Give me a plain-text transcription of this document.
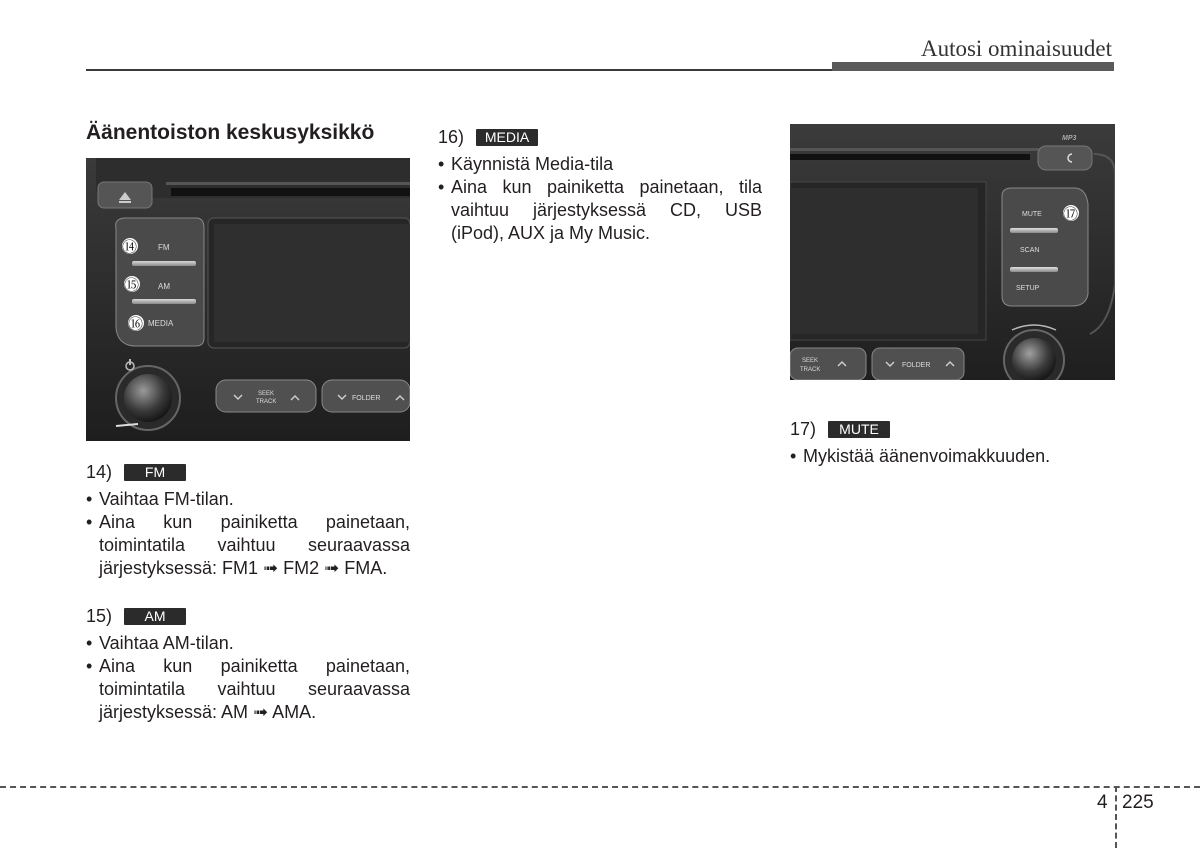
Autosi ominaisuudet
Äänentoiston keskusyksikkö
FM
AM
MEDIA
⑭
⑮
⑯
SEEK
TRACK	FOLDER
14)	FM
• Vaihtaa FM-tilan.
• Aina kun painiketta painetaan, toimintatila vaihtuu seuraavassa järjestyksessä: FM1 ➟ FM2 ➟ FMA.
15)	AM
• Vaihtaa AM-tilan.
• Aina kun painiketta painetaan, toimintatila vaihtuu seuraavassa järjestyksessä: AM ➟ AMA.
16)	MEDIA
• Käynnistä Media-tila
• Aina kun painiketta painetaan, tila vaihtuu järjestyksessä CD, USB (iPod), AUX ja My Music.
MP3
MUTE
SCAN
SETUP
⑰
SEEK
TRACK
FOLDER
17)	MUTE
• Mykistää äänenvoimakkuuden.
4 225
